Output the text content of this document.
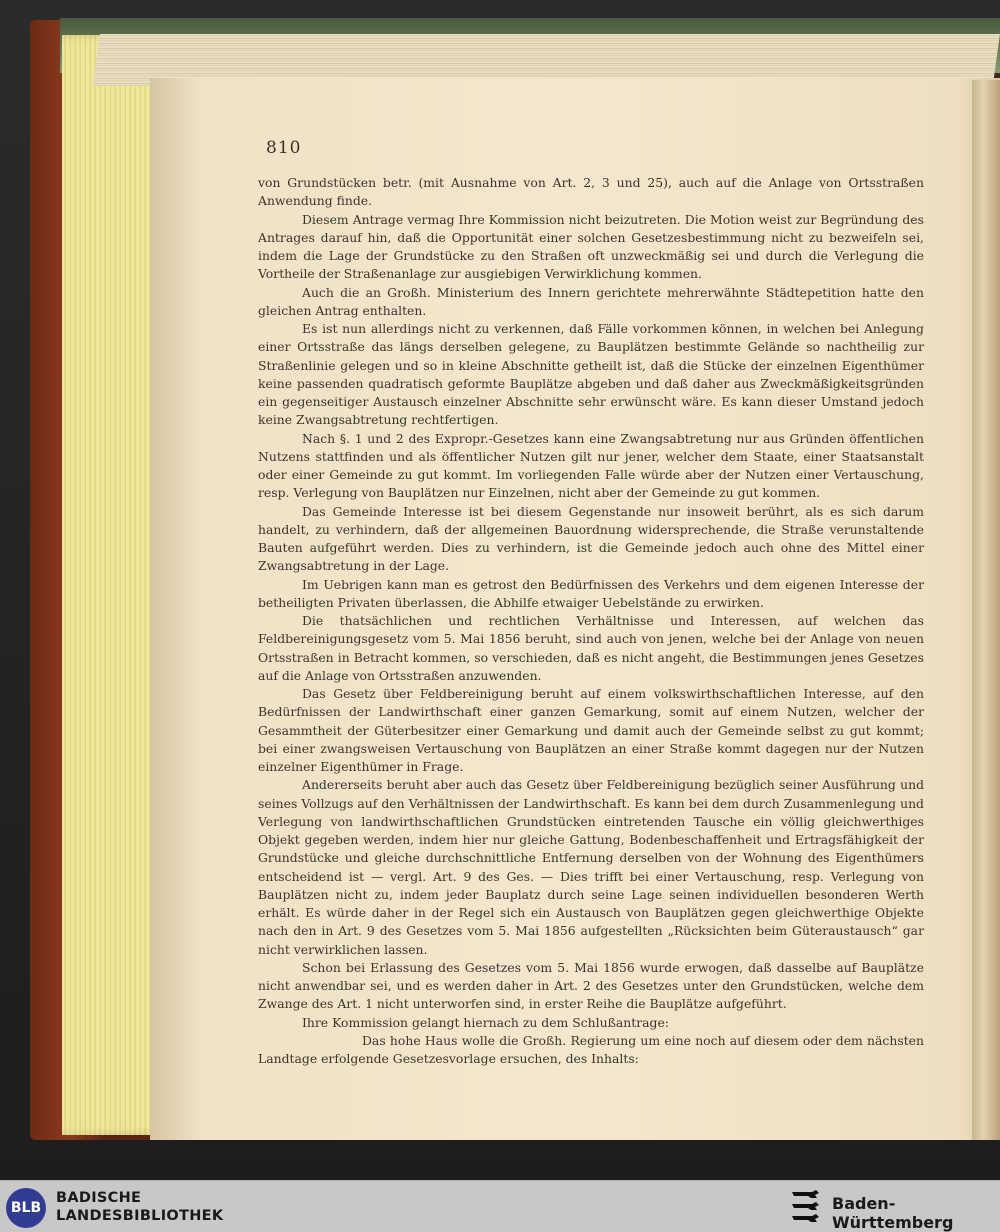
810

von Grundstücken betr. (mit Ausnahme von Art. 2, 3 und 25), auch auf die Anlage von Ortsstraßen Anwendung finde.

Diesem Antrage vermag Ihre Kommission nicht beizutreten. Die Motion weist zur Begründung des Antrages darauf hin, daß die Opportunität einer solchen Gesetzesbestimmung nicht zu bezweifeln sei, indem die Lage der Grundstücke zu den Straßen oft unzweckmäßig sei und durch die Verlegung die Vortheile der Straßenanlage zur ausgiebigen Verwirklichung kommen.

Auch die an Großh. Ministerium des Innern gerichtete mehrerwähnte Städtepetition hatte den gleichen Antrag enthalten.

Es ist nun allerdings nicht zu verkennen, daß Fälle vorkommen können, in welchen bei Anlegung einer Ortsstraße das längs derselben gelegene, zu Bauplätzen bestimmte Gelände so nachtheilig zur Straßenlinie gelegen und so in kleine Abschnitte getheilt ist, daß die Stücke der einzelnen Eigenthümer keine passenden quadratisch geformte Bauplätze abgeben und daß daher aus Zweckmäßigkeitsgründen ein gegenseitiger Austausch einzelner Abschnitte sehr erwünscht wäre. Es kann dieser Umstand jedoch keine Zwangsabtretung rechtfertigen.

Nach §. 1 und 2 des Expropr.-Gesetzes kann eine Zwangsabtretung nur aus Gründen öffentlichen Nutzens stattfinden und als öffentlicher Nutzen gilt nur jener, welcher dem Staate, einer Staatsanstalt oder einer Gemeinde zu gut kommt. Im vorliegenden Falle würde aber der Nutzen einer Vertauschung, resp. Verlegung von Bauplätzen nur Einzelnen, nicht aber der Gemeinde zu gut kommen.

Das Gemeinde Interesse ist bei diesem Gegenstande nur insoweit berührt, als es sich darum handelt, zu verhindern, daß der allgemeinen Bauordnung widersprechende, die Straße verunstaltende Bauten aufgeführt werden. Dies zu verhindern, ist die Gemeinde jedoch auch ohne des Mittel einer Zwangsabtretung in der Lage.

Im Uebrigen kann man es getrost den Bedürfnissen des Verkehrs und dem eigenen Interesse der betheiligten Privaten überlassen, die Abhilfe etwaiger Uebelstände zu erwirken.

Die thatsächlichen und rechtlichen Verhältnisse und Interessen, auf welchen das Feldbereinigungsgesetz vom 5. Mai 1856 beruht, sind auch von jenen, welche bei der Anlage von neuen Ortsstraßen in Betracht kommen, so verschieden, daß es nicht angeht, die Bestimmungen jenes Gesetzes auf die Anlage von Ortsstraßen anzuwenden.

Das Gesetz über Feldbereinigung beruht auf einem volkswirthschaftlichen Interesse, auf den Bedürfnissen der Landwirthschaft einer ganzen Gemarkung, somit auf einem Nutzen, welcher der Gesammtheit der Güterbesitzer einer Gemarkung und damit auch der Gemeinde selbst zu gut kommt; bei einer zwangsweisen Vertauschung von Bauplätzen an einer Straße kommt dagegen nur der Nutzen einzelner Eigenthümer in Frage.

Andererseits beruht aber auch das Gesetz über Feldbereinigung bezüglich seiner Ausführung und seines Vollzugs auf den Verhältnissen der Landwirthschaft. Es kann bei dem durch Zusammenlegung und Verlegung von landwirthschaftlichen Grundstücken eintretenden Tausche ein völlig gleichwerthiges Objekt gegeben werden, indem hier nur gleiche Gattung, Bodenbeschaffenheit und Ertragsfähigkeit der Grundstücke und gleiche durchschnittliche Entfernung derselben von der Wohnung des Eigenthümers entscheidend ist — vergl. Art. 9 des Ges. — Dies trifft bei einer Vertauschung, resp. Verlegung von Bauplätzen nicht zu, indem jeder Bauplatz durch seine Lage seinen individuellen besonderen Werth erhält. Es würde daher in der Regel sich ein Austausch von Bauplätzen gegen gleichwerthige Objekte nach den in Art. 9 des Gesetzes vom 5. Mai 1856 aufgestellten „Rücksichten beim Güteraustausch“ gar nicht verwirklichen lassen.

Schon bei Erlassung des Gesetzes vom 5. Mai 1856 wurde erwogen, daß dasselbe auf Bauplätze nicht anwendbar sei, und es werden daher in Art. 2 des Gesetzes unter den Grundstücken, welche dem Zwange des Art. 1 nicht unterworfen sind, in erster Reihe die Bauplätze aufgeführt.

Ihre Kommission gelangt hiernach zu dem Schlußantrage:

Das hohe Haus wolle die Großh. Regierung um eine noch auf diesem oder dem nächsten Landtage erfolgende Gesetzesvorlage ersuchen, des Inhalts:

BLB
BADISCHE
LANDESBIBLIOTHEK
Baden-Württemberg
